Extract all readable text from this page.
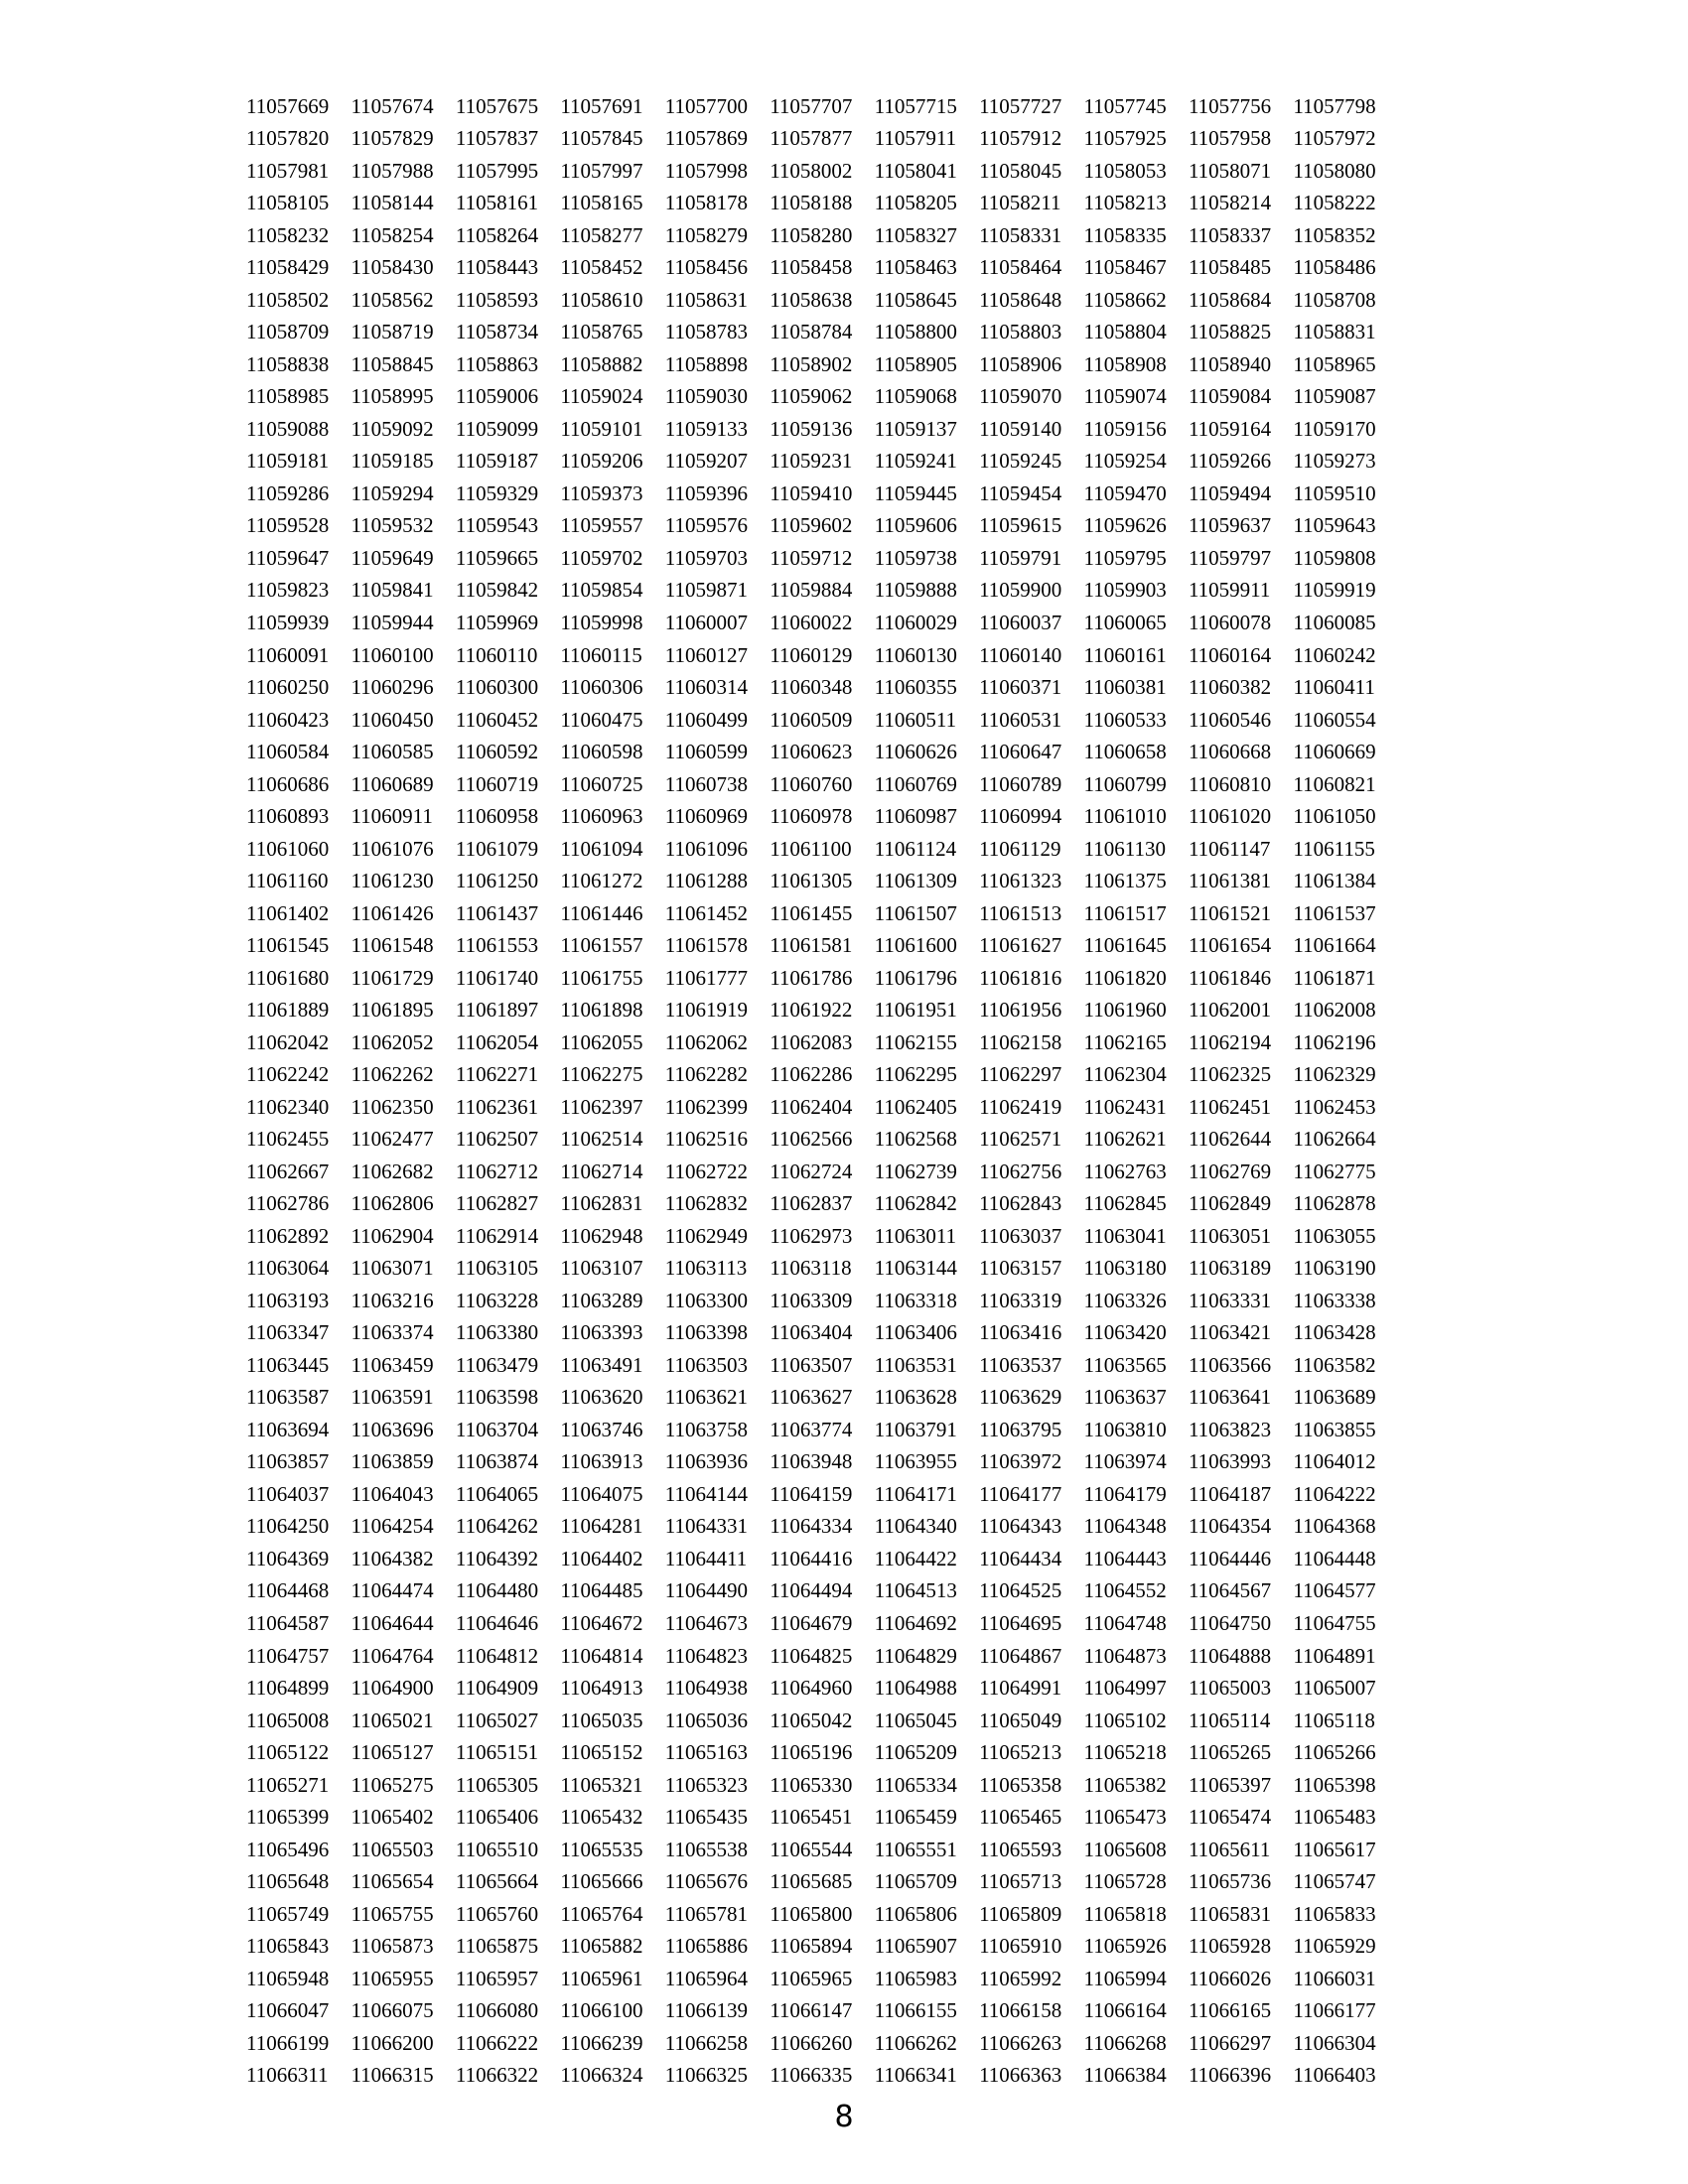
11057669	11057674	11057675	11057691	11057700	11057707	11057715	11057727	11057745	11057756	11057798
11057820	11057829	11057837	11057845	11057869	11057877	11057911	11057912	11057925	11057958	11057972
11057981	11057988	11057995	11057997	11057998	11058002	11058041	11058045	11058053	11058071	11058080
11058105	11058144	11058161	11058165	11058178	11058188	11058205	11058211	11058213	11058214	11058222
11058232	11058254	11058264	11058277	11058279	11058280	11058327	11058331	11058335	11058337	11058352
11058429	11058430	11058443	11058452	11058456	11058458	11058463	11058464	11058467	11058485	11058486
11058502	11058562	11058593	11058610	11058631	11058638	11058645	11058648	11058662	11058684	11058708
11058709	11058719	11058734	11058765	11058783	11058784	11058800	11058803	11058804	11058825	11058831
11058838	11058845	11058863	11058882	11058898	11058902	11058905	11058906	11058908	11058940	11058965
11058985	11058995	11059006	11059024	11059030	11059062	11059068	11059070	11059074	11059084	11059087
11059088	11059092	11059099	11059101	11059133	11059136	11059137	11059140	11059156	11059164	11059170
11059181	11059185	11059187	11059206	11059207	11059231	11059241	11059245	11059254	11059266	11059273
11059286	11059294	11059329	11059373	11059396	11059410	11059445	11059454	11059470	11059494	11059510
11059528	11059532	11059543	11059557	11059576	11059602	11059606	11059615	11059626	11059637	11059643
11059647	11059649	11059665	11059702	11059703	11059712	11059738	11059791	11059795	11059797	11059808
11059823	11059841	11059842	11059854	11059871	11059884	11059888	11059900	11059903	11059911	11059919
11059939	11059944	11059969	11059998	11060007	11060022	11060029	11060037	11060065	11060078	11060085
11060091	11060100	11060110	11060115	11060127	11060129	11060130	11060140	11060161	11060164	11060242
11060250	11060296	11060300	11060306	11060314	11060348	11060355	11060371	11060381	11060382	11060411
11060423	11060450	11060452	11060475	11060499	11060509	11060511	11060531	11060533	11060546	11060554
11060584	11060585	11060592	11060598	11060599	11060623	11060626	11060647	11060658	11060668	11060669
11060686	11060689	11060719	11060725	11060738	11060760	11060769	11060789	11060799	11060810	11060821
11060893	11060911	11060958	11060963	11060969	11060978	11060987	11060994	11061010	11061020	11061050
11061060	11061076	11061079	11061094	11061096	11061100	11061124	11061129	11061130	11061147	11061155
11061160	11061230	11061250	11061272	11061288	11061305	11061309	11061323	11061375	11061381	11061384
11061402	11061426	11061437	11061446	11061452	11061455	11061507	11061513	11061517	11061521	11061537
11061545	11061548	11061553	11061557	11061578	11061581	11061600	11061627	11061645	11061654	11061664
11061680	11061729	11061740	11061755	11061777	11061786	11061796	11061816	11061820	11061846	11061871
11061889	11061895	11061897	11061898	11061919	11061922	11061951	11061956	11061960	11062001	11062008
11062042	11062052	11062054	11062055	11062062	11062083	11062155	11062158	11062165	11062194	11062196
11062242	11062262	11062271	11062275	11062282	11062286	11062295	11062297	11062304	11062325	11062329
11062340	11062350	11062361	11062397	11062399	11062404	11062405	11062419	11062431	11062451	11062453
11062455	11062477	11062507	11062514	11062516	11062566	11062568	11062571	11062621	11062644	11062664
11062667	11062682	11062712	11062714	11062722	11062724	11062739	11062756	11062763	11062769	11062775
11062786	11062806	11062827	11062831	11062832	11062837	11062842	11062843	11062845	11062849	11062878
11062892	11062904	11062914	11062948	11062949	11062973	11063011	11063037	11063041	11063051	11063055
11063064	11063071	11063105	11063107	11063113	11063118	11063144	11063157	11063180	11063189	11063190
11063193	11063216	11063228	11063289	11063300	11063309	11063318	11063319	11063326	11063331	11063338
11063347	11063374	11063380	11063393	11063398	11063404	11063406	11063416	11063420	11063421	11063428
11063445	11063459	11063479	11063491	11063503	11063507	11063531	11063537	11063565	11063566	11063582
11063587	11063591	11063598	11063620	11063621	11063627	11063628	11063629	11063637	11063641	11063689
11063694	11063696	11063704	11063746	11063758	11063774	11063791	11063795	11063810	11063823	11063855
11063857	11063859	11063874	11063913	11063936	11063948	11063955	11063972	11063974	11063993	11064012
11064037	11064043	11064065	11064075	11064144	11064159	11064171	11064177	11064179	11064187	11064222
11064250	11064254	11064262	11064281	11064331	11064334	11064340	11064343	11064348	11064354	11064368
11064369	11064382	11064392	11064402	11064411	11064416	11064422	11064434	11064443	11064446	11064448
11064468	11064474	11064480	11064485	11064490	11064494	11064513	11064525	11064552	11064567	11064577
11064587	11064644	11064646	11064672	11064673	11064679	11064692	11064695	11064748	11064750	11064755
11064757	11064764	11064812	11064814	11064823	11064825	11064829	11064867	11064873	11064888	11064891
11064899	11064900	11064909	11064913	11064938	11064960	11064988	11064991	11064997	11065003	11065007
11065008	11065021	11065027	11065035	11065036	11065042	11065045	11065049	11065102	11065114	11065118
11065122	11065127	11065151	11065152	11065163	11065196	11065209	11065213	11065218	11065265	11065266
11065271	11065275	11065305	11065321	11065323	11065330	11065334	11065358	11065382	11065397	11065398
11065399	11065402	11065406	11065432	11065435	11065451	11065459	11065465	11065473	11065474	11065483
11065496	11065503	11065510	11065535	11065538	11065544	11065551	11065593	11065608	11065611	11065617
11065648	11065654	11065664	11065666	11065676	11065685	11065709	11065713	11065728	11065736	11065747
11065749	11065755	11065760	11065764	11065781	11065800	11065806	11065809	11065818	11065831	11065833
11065843	11065873	11065875	11065882	11065886	11065894	11065907	11065910	11065926	11065928	11065929
11065948	11065955	11065957	11065961	11065964	11065965	11065983	11065992	11065994	11066026	11066031
11066047	11066075	11066080	11066100	11066139	11066147	11066155	11066158	11066164	11066165	11066177
11066199	11066200	11066222	11066239	11066258	11066260	11066262	11066263	11066268	11066297	11066304
11066311	11066315	11066322	11066324	11066325	11066335	11066341	11066363	11066384	11066396	11066403
8
